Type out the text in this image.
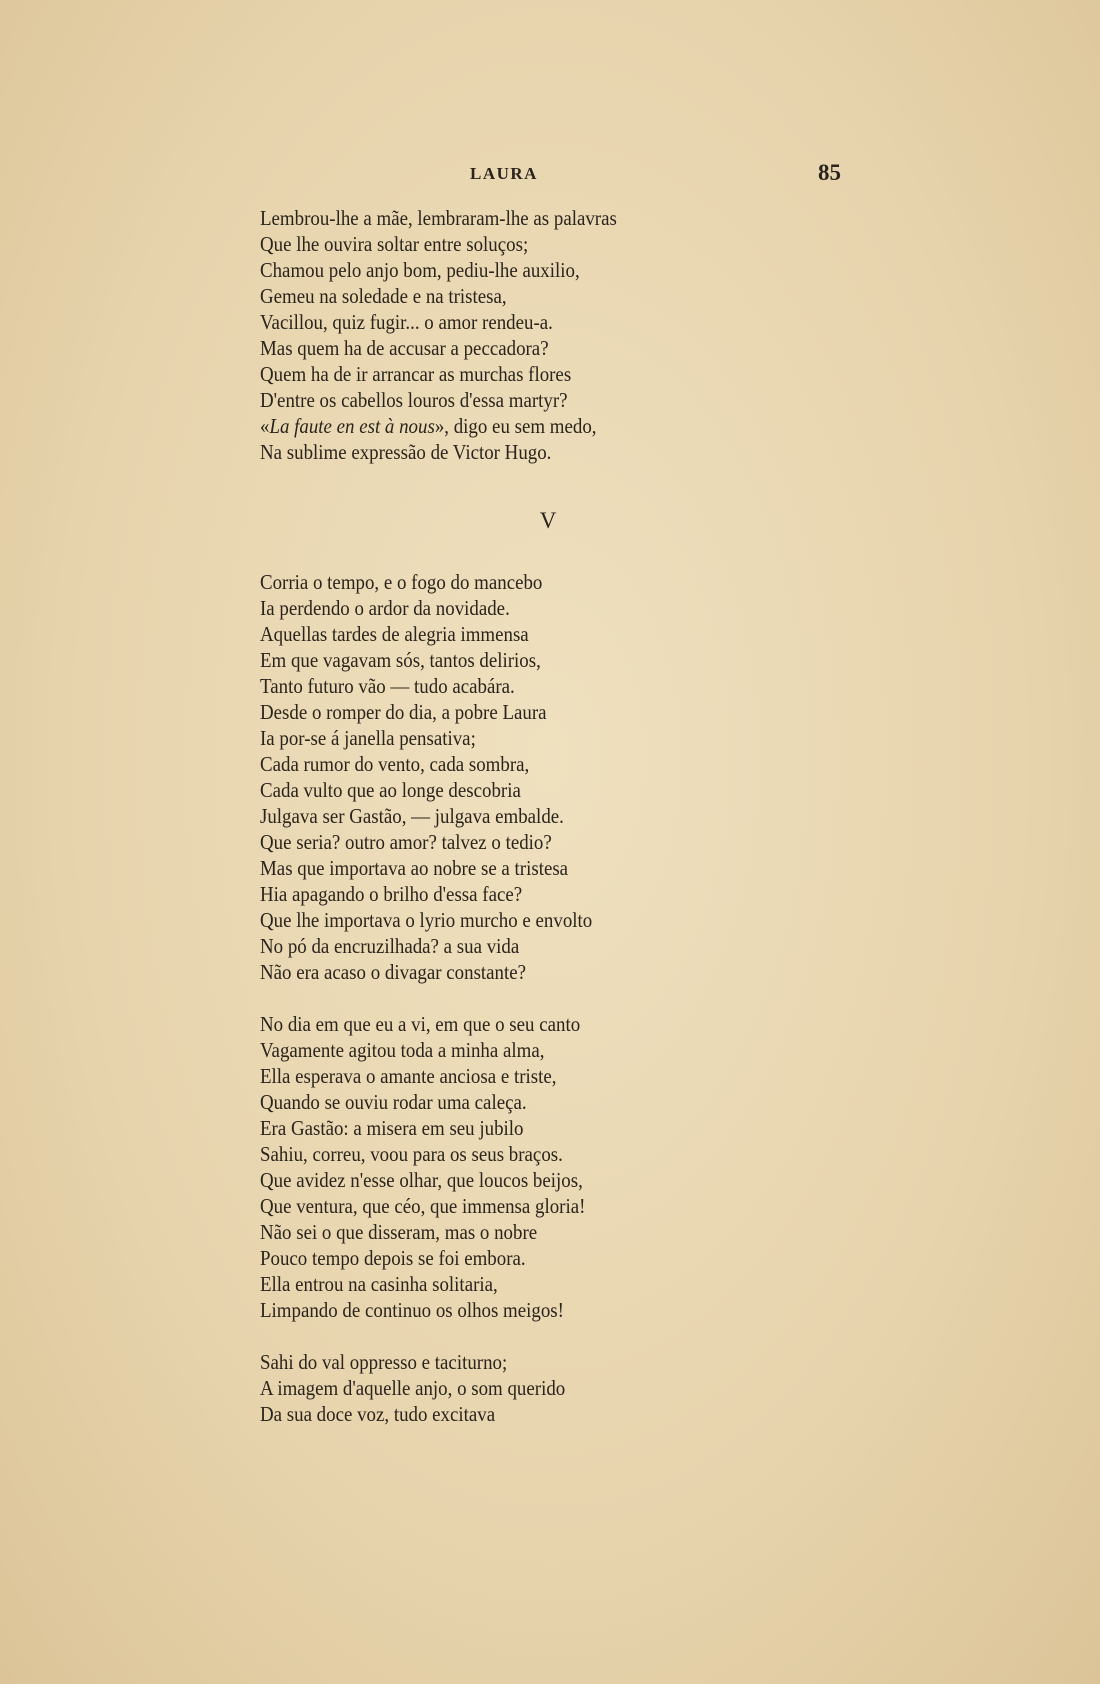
LAURA	85
Lembrou-lhe a mãe, lembraram-lhe as palavras
Que lhe ouvira soltar entre soluços;
Chamou pelo anjo bom, pediu-lhe auxilio,
Gemeu na soledade e na tristesa,
Vacillou, quiz fugir... o amor rendeu-a.
Mas quem ha de accusar a peccadora?
Quem ha de ir arrancar as murchas flores
D'entre os cabellos louros d'essa martyr?
«La faute en est à nous», digo eu sem medo,
Na sublime expressão de Victor Hugo.
Corria o tempo, e o fogo do mancebo
Ia perdendo o ardor da novidade.
Aquellas tardes de alegria immensa
Em que vagavam sós, tantos delirios,
Tanto futuro vão — tudo acabára.
Desde o romper do dia, a pobre Laura
Ia por-se á janella pensativa;
Cada rumor do vento, cada sombra,
Cada vulto que ao longe descobria
Julgava ser Gastão, — julgava embalde.
Que seria? outro amor? talvez o tedio?
Mas que importava ao nobre se a tristesa
Hia apagando o brilho d'essa face?
Que lhe importava o lyrio murcho e envolto
No pó da encruzilhada? a sua vida
Não era acaso o divagar constante?
No dia em que eu a vi, em que o seu canto
Vagamente agitou toda a minha alma,
Ella esperava o amante anciosa e triste,
Quando se ouviu rodar uma caleça.
Era Gastão: a misera em seu jubilo
Sahiu, correu, voou para os seus braços.
Que avidez n'esse olhar, que loucos beijos,
Que ventura, que céo, que immensa gloria!
Não sei o que disseram, mas o nobre
Pouco tempo depois se foi embora.
Ella entrou na casinha solitaria,
Limpando de continuo os olhos meigos!
Sahi do val oppresso e taciturno;
A imagem d'aquelle anjo, o som querido
Da sua doce voz, tudo excitava
V
